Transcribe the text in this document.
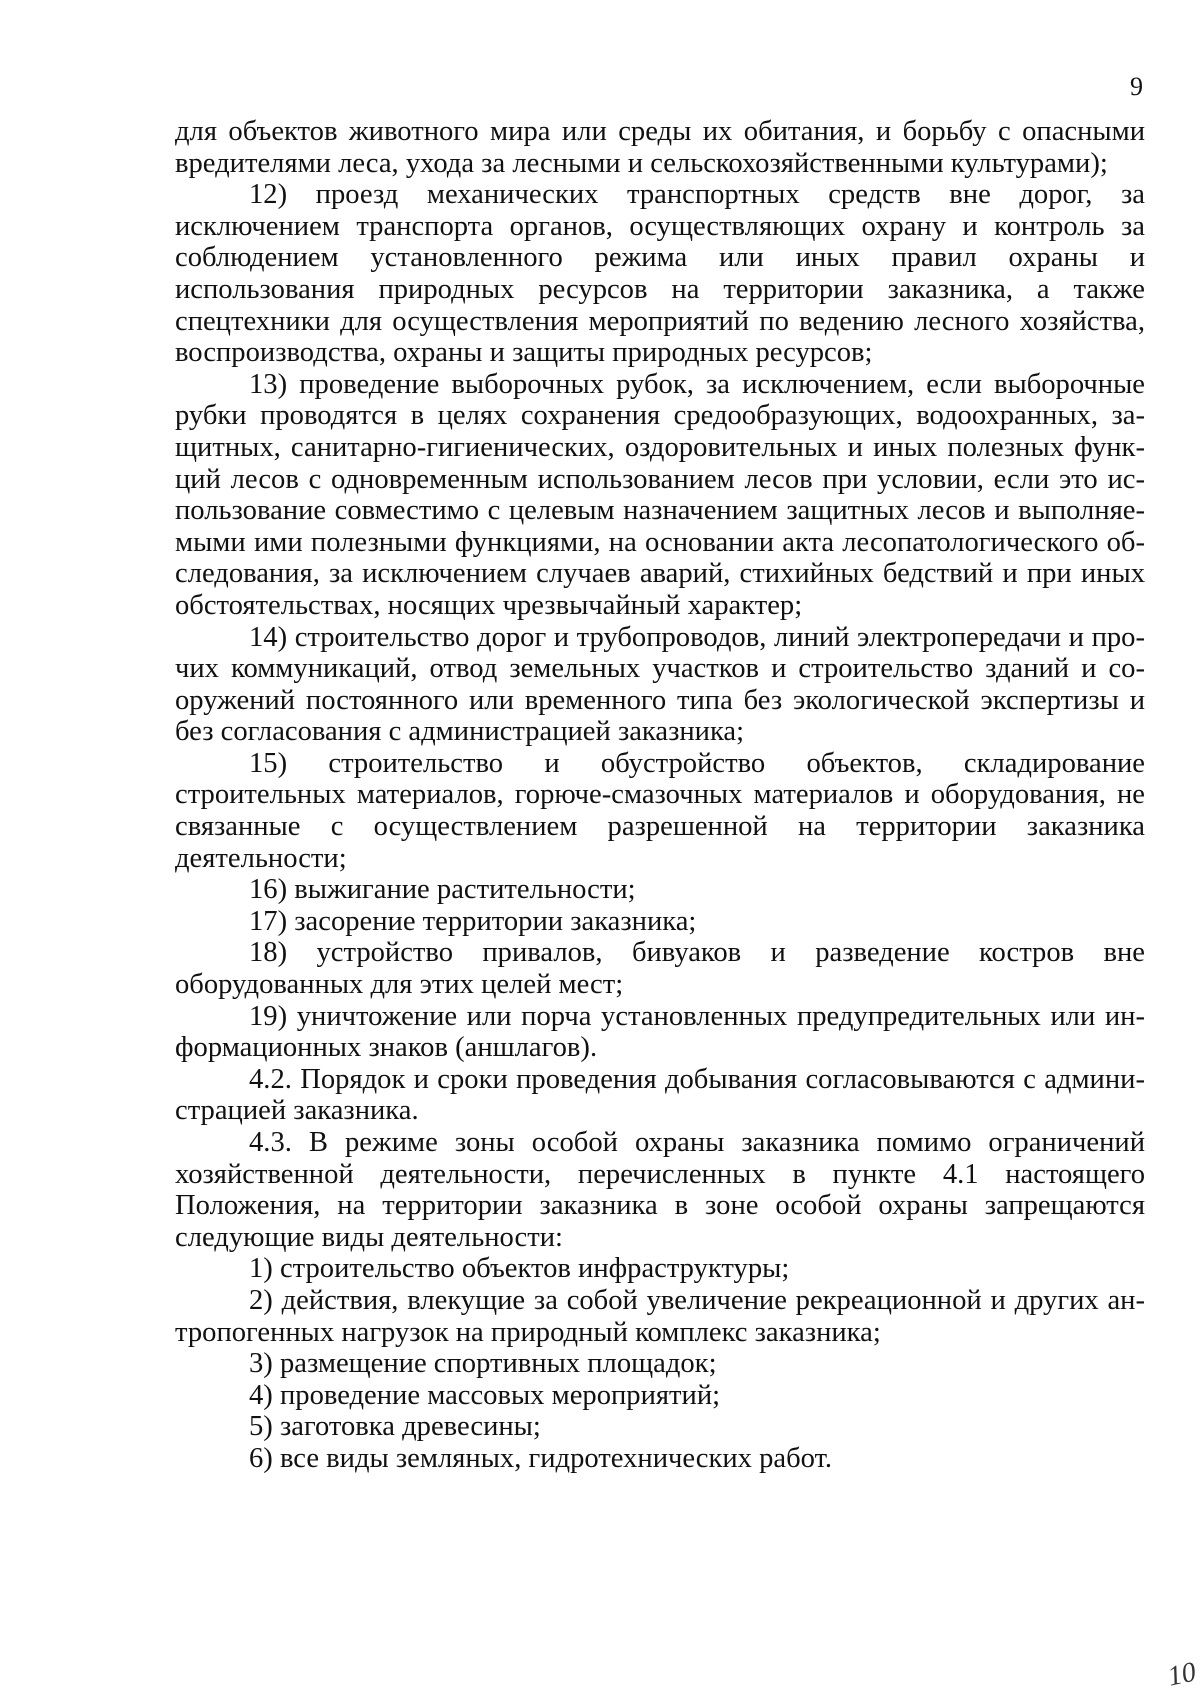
9

для объектов животного мира или среды их обитания, и борьбу с опасными вредителями леса, ухода за лесными и сельскохозяйственными культурами);

12) проезд механических транспортных средств вне дорог, за исключением транспорта органов, осуществляющих охрану и контроль за соблюдением установленного режима или иных правил охраны и использования природных ресурсов на территории заказника, а также спецтехники для осуществления мероприятий по ведению лесного хозяйства, воспроизводства, охраны и защиты природных ресурсов;

13) проведение выборочных рубок, за исключением, если выборочные рубки проводятся в целях сохранения средообразующих, водоохранных, защитных, санитарно-гигиенических, оздоровительных и иных полезных функций лесов с одновременным использованием лесов при условии, если это использование совместимо с целевым назначением защитных лесов и выполняемыми ими полезными функциями, на основании акта лесопатологического обследования, за исключением случаев аварий, стихийных бедствий и при иных обстоятельствах, носящих чрезвычайный характер;

14) строительство дорог и трубопроводов, линий электропередачи и прочих коммуникаций, отвод земельных участков и строительство зданий и сооружений постоянного или временного типа без экологической экспертизы и без согласования с администрацией заказника;

15) строительство и обустройство объектов, складирование строительных материалов, горюче-смазочных материалов и оборудования, не связанные с осуществлением разрешенной на территории заказника деятельности;

16) выжигание растительности;

17) засорение территории заказника;

18) устройство привалов, бивуаков и разведение костров вне оборудованных для этих целей мест;

19) уничтожение или порча установленных предупредительных или информационных знаков (аншлагов).

4.2. Порядок и сроки проведения добывания согласовываются с администрацией заказника.

4.3. В режиме зоны особой охраны заказника помимо ограничений хозяйственной деятельности, перечисленных в пункте 4.1 настоящего Положения, на территории заказника в зоне особой охраны запрещаются следующие виды деятельности:

1) строительство объектов инфраструктуры;

2) действия, влекущие за собой увеличение рекреационной и других антропогенных нагрузок на природный комплекс заказника;

3) размещение спортивных площадок;

4) проведение массовых мероприятий;

5) заготовка древесины;

6) все виды земляных, гидротехнических работ.

10
